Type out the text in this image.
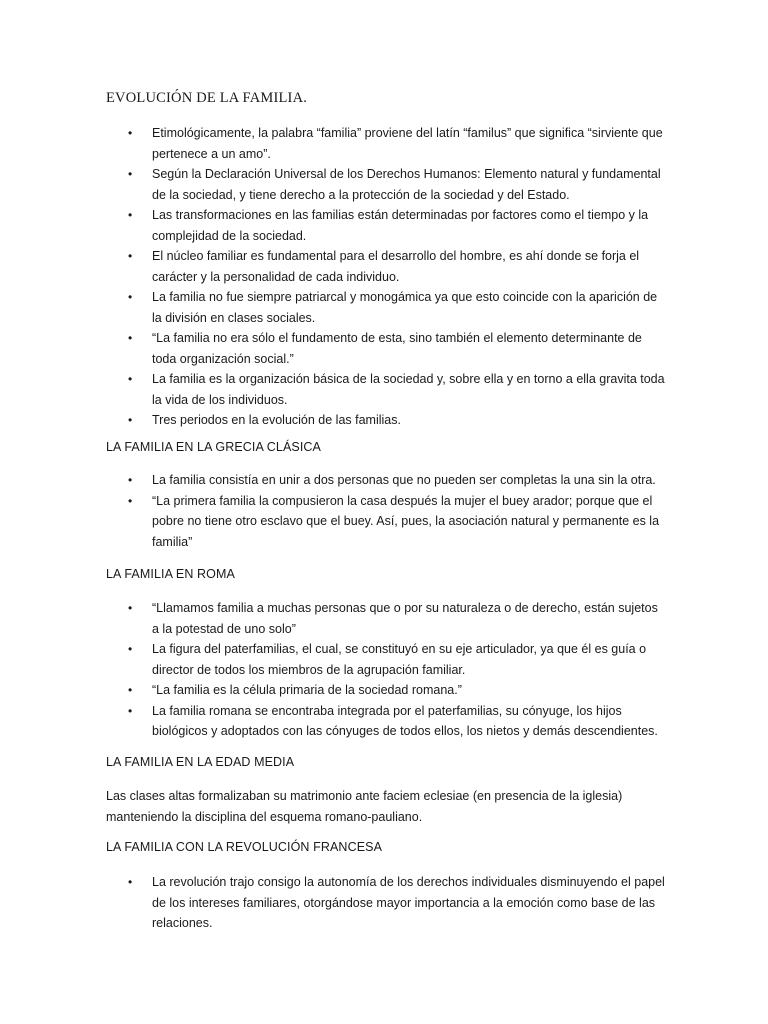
EVOLUCIÓN DE LA FAMILIA.
• Etimológicamente, la palabra “familia” proviene del latín “familus” que significa “sirviente que pertenece a un amo”.
• Según la Declaración Universal de los Derechos Humanos: Elemento natural y fundamental de la sociedad, y tiene derecho a la protección de la sociedad y del Estado.
• Las transformaciones en las familias están determinadas por factores como el tiempo y la complejidad de la sociedad.
• El núcleo familiar es fundamental para el desarrollo del hombre, es ahí donde se forja el carácter y la personalidad de cada individuo.
• La familia no fue siempre patriarcal y monogámica ya que esto coincide con la aparición de la división en clases sociales.
• “La familia no era sólo el fundamento de esta, sino también el elemento determinante de toda organización social.”
• La familia es la organización básica de la sociedad y, sobre ella y en torno a ella gravita toda la vida de los individuos.
• Tres periodos en la evolución de las familias.
LA FAMILIA EN LA GRECIA CLÁSICA
• La familia consistía en unir a dos personas que no pueden ser completas la una sin la otra.
• “La primera familia la compusieron la casa después la mujer el buey arador; porque que el pobre no tiene otro esclavo que el buey. Así, pues, la asociación natural y permanente es la familia”
LA FAMILIA EN ROMA
• “Llamamos familia a muchas personas que o por su naturaleza o de derecho, están sujetos a la potestad de uno solo”
• La figura del paterfamilias, el cual, se constituyó en su eje articulador, ya que él es guía o director de todos los miembros de la agrupación familiar.
• “La familia es la célula primaria de la sociedad romana.”
• La familia romana se encontraba integrada por el paterfamilias, su cónyuge, los hijos biológicos y adoptados con las cónyuges de todos ellos, los nietos y demás descendientes.
LA FAMILIA EN LA EDAD MEDIA

Las clases altas formalizaban su matrimonio ante faciem eclesiae (en presencia de la iglesia) manteniendo la disciplina del esquema romano-pauliano.

LA FAMILIA CON LA REVOLUCIÓN FRANCESA
• La revolución trajo consigo la autonomía de los derechos individuales disminuyendo el papel de los intereses familiares, otorgándose mayor importancia a la emoción como base de las relaciones.
